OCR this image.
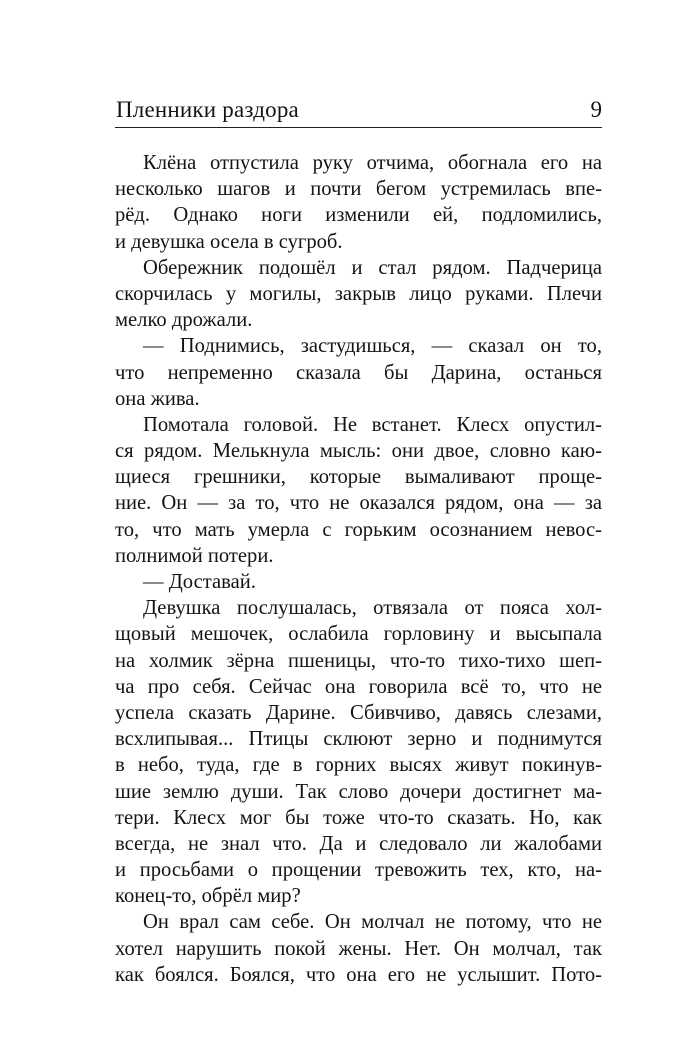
Пленники раздора	9
Клёна отпустила руку отчима, обогнала его на
несколько шагов и почти бегом устремилась впе-
рёд. Однако ноги изменили ей, подломились,
и девушка осела в сугроб.
Обережник подошёл и стал рядом. Падчерица
скорчилась у могилы, закрыв лицо руками. Плечи
мелко дрожали.
— Поднимись, застудишься, — сказал он то,
что непременно сказала бы Дарина, останься
она жива.
Помотала головой. Не встанет. Клесх опустил-
ся рядом. Мелькнула мысль: они двое, словно каю-
щиеся грешники, которые вымаливают проще-
ние. Он — за то, что не оказался рядом, она — за
то, что мать умерла с горьким осознанием невос-
полнимой потери.
— Доставай.
Девушка послушалась, отвязала от пояса хол-
щовый мешочек, ослабила горловину и высыпала
на холмик зёрна пшеницы, что-то тихо-тихо шеп-
ча про себя. Сейчас она говорила всё то, что не
успела сказать Дарине. Сбивчиво, давясь слезами,
всхлипывая... Птицы склюют зерно и поднимутся
в небо, туда, где в горних высях живут покинув-
шие землю души. Так слово дочери достигнет ма-
тери. Клесх мог бы тоже что-то сказать. Но, как
всегда, не знал что. Да и следовало ли жалобами
и просьбами о прощении тревожить тех, кто, на-
конец-то, обрёл мир?
Он врал сам себе. Он молчал не потому, что не
хотел нарушить покой жены. Нет. Он молчал, так
как боялся. Боялся, что она его не услышит. Пото-
